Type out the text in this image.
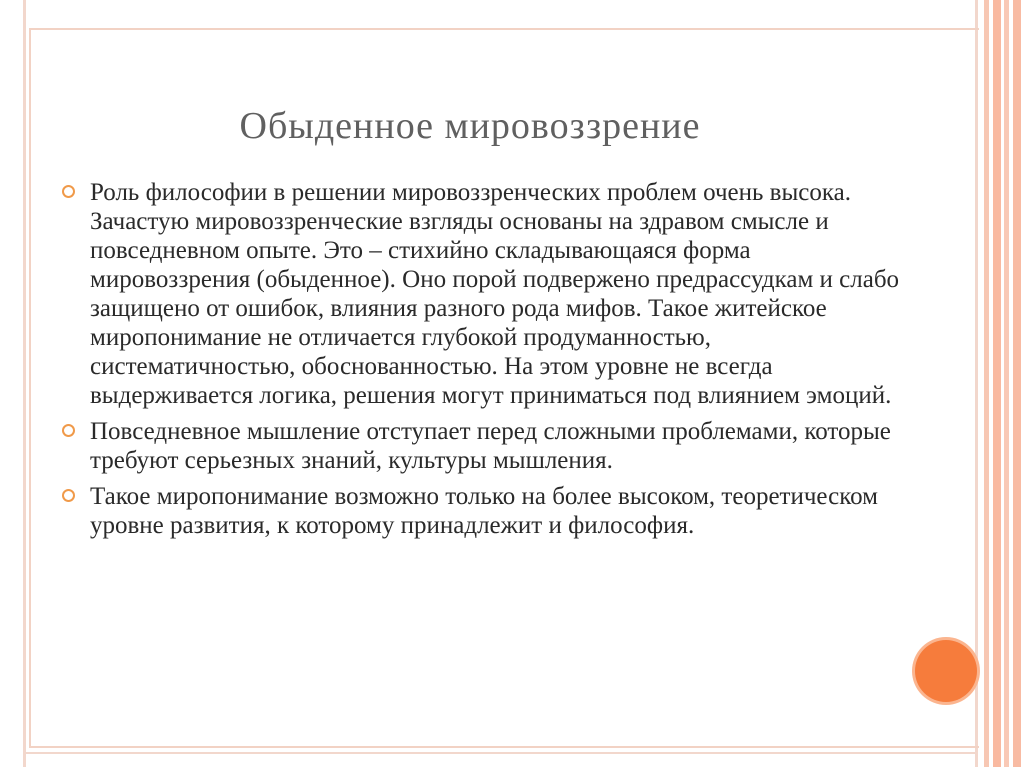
Обыденное мировоззрение
Роль философии в решении мировоззренческих проблем очень высока. Зачастую мировоззренческие взгляды основаны на здравом смысле и повседневном опыте. Это – стихийно складывающаяся форма мировоззрения (обыденное). Оно порой подвержено предрассудкам и слабо защищено от ошибок, влияния разного рода мифов. Такое житейское миропонимание не отличается глубокой продуманностью, систематичностью, обоснованностью. На этом уровне не всегда выдерживается логика, решения могут приниматься под влиянием эмоций.
Повседневное мышление отступает перед сложными проблемами, которые требуют серьезных знаний, культуры мышления.
Такое миропонимание возможно только на более высоком, теоретическом уровне развития, к которому принадлежит и философия.
